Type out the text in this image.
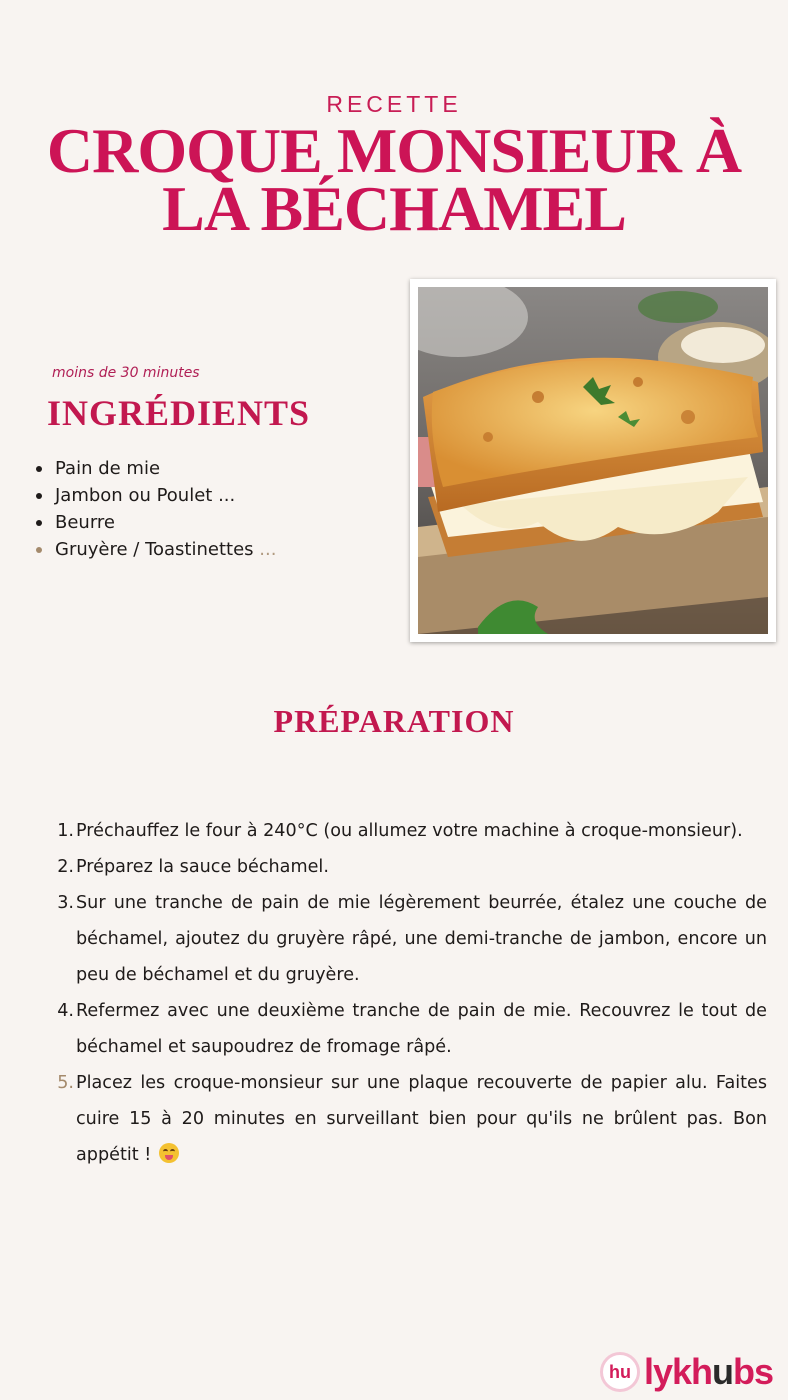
RECETTE
CROQUE MONSIEUR À LA BÉCHAMEL
moins de 30 minutes
INGRÉDIENTS
Pain de mie
Jambon ou Poulet ...
Beurre
Gruyère / Toastinettes ...
PRÉPARATION
1. Préchauffez le four à 240°C (ou allumez votre machine à croque-monsieur).
2. Préparez la sauce béchamel.
3. Sur une tranche de pain de mie légèrement beurrée, étalez une couche de béchamel, ajoutez du gruyère râpé, une demi-tranche de jambon, encore un peu de béchamel et du gruyère.
4. Refermez avec une deuxième tranche de pain de mie. Recouvrez le tout de béchamel et saupoudrez de fromage râpé.
5. Placez les croque-monsieur sur une plaque recouverte de papier alu. Faites cuire 15 à 20 minutes en surveillant bien pour qu'ils ne brûlent pas. Bon appétit !
hu lykhubs
